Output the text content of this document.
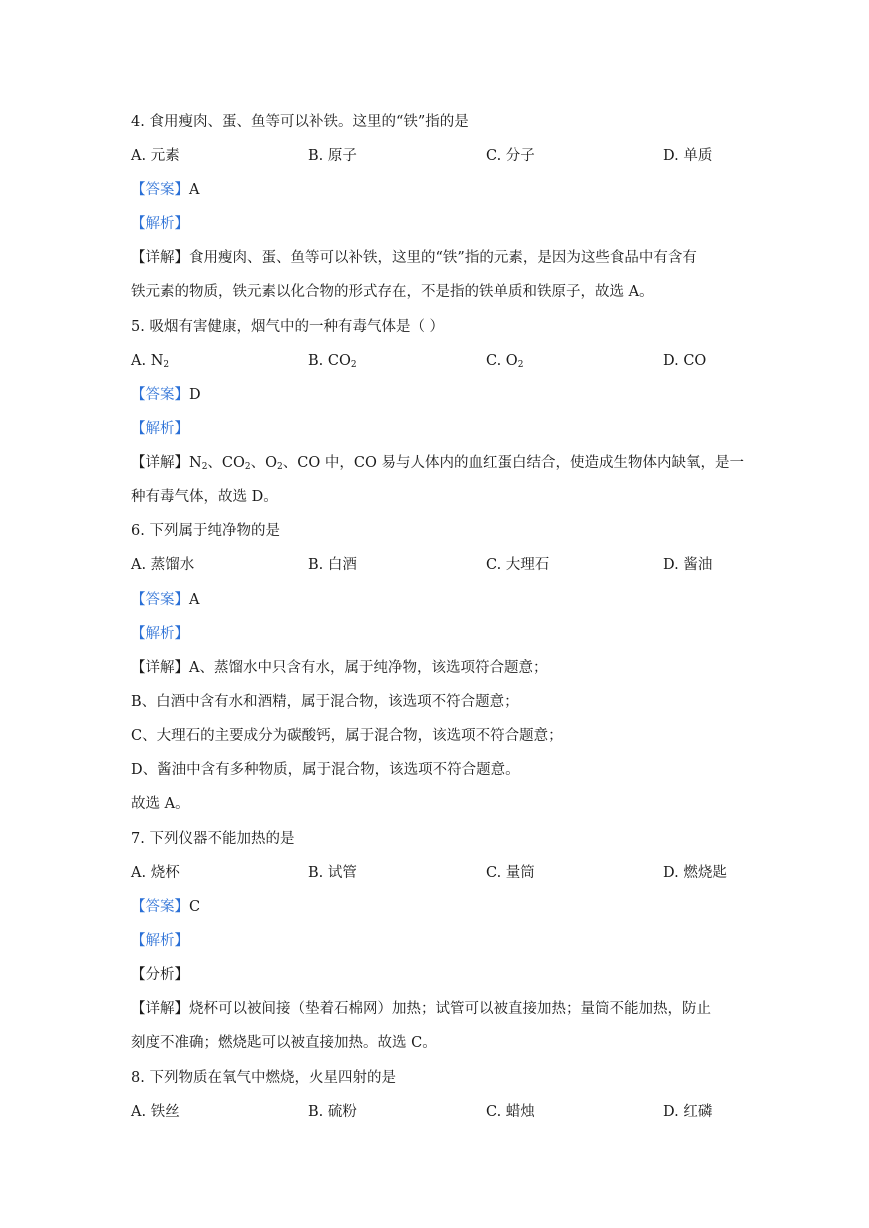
4. 食用瘦肉、蛋、鱼等可以补铁。这里的“铁”指的是
A. 元素	B. 原子	C. 分子	D. 单质
【答案】A
【解析】
【详解】食用瘦肉、蛋、鱼等可以补铁，这里的“铁”指的元素，是因为这些食品中有含有
铁元素的物质，铁元素以化合物的形式存在，不是指的铁单质和铁原子，故选 A。
5. 吸烟有害健康，烟气中的一种有毒气体是（ ）
A. $N_2$	B. $CO_2$	C. $O_2$	D. CO
【答案】D
【解析】
【详解】$N_2$、$CO_2$、$O_2$、CO 中，CO 易与人体内的血红蛋白结合，使造成生物体内缺氧，是一
种有毒气体，故选 D。
6. 下列属于纯净物的是
A. 蒸馏水	B. 白酒	C. 大理石	D. 酱油
【答案】A
【解析】
【详解】A、蒸馏水中只含有水，属于纯净物，该选项符合题意；
B、白酒中含有水和酒精，属于混合物，该选项不符合题意；
C、大理石的主要成分为碳酸钙，属于混合物，该选项不符合题意；
D、酱油中含有多种物质，属于混合物，该选项不符合题意。
故选 A。
7. 下列仪器不能加热的是
A. 烧杯	B. 试管	C. 量筒	D. 燃烧匙
【答案】C
【解析】
【分析】
【详解】烧杯可以被间接（垫着石棉网）加热；试管可以被直接加热；量筒不能加热，防止
刻度不准确；燃烧匙可以被直接加热。故选 C。
8. 下列物质在氧气中燃烧，火星四射的是
A. 铁丝	B. 硫粉	C. 蜡烛	D. 红磷
